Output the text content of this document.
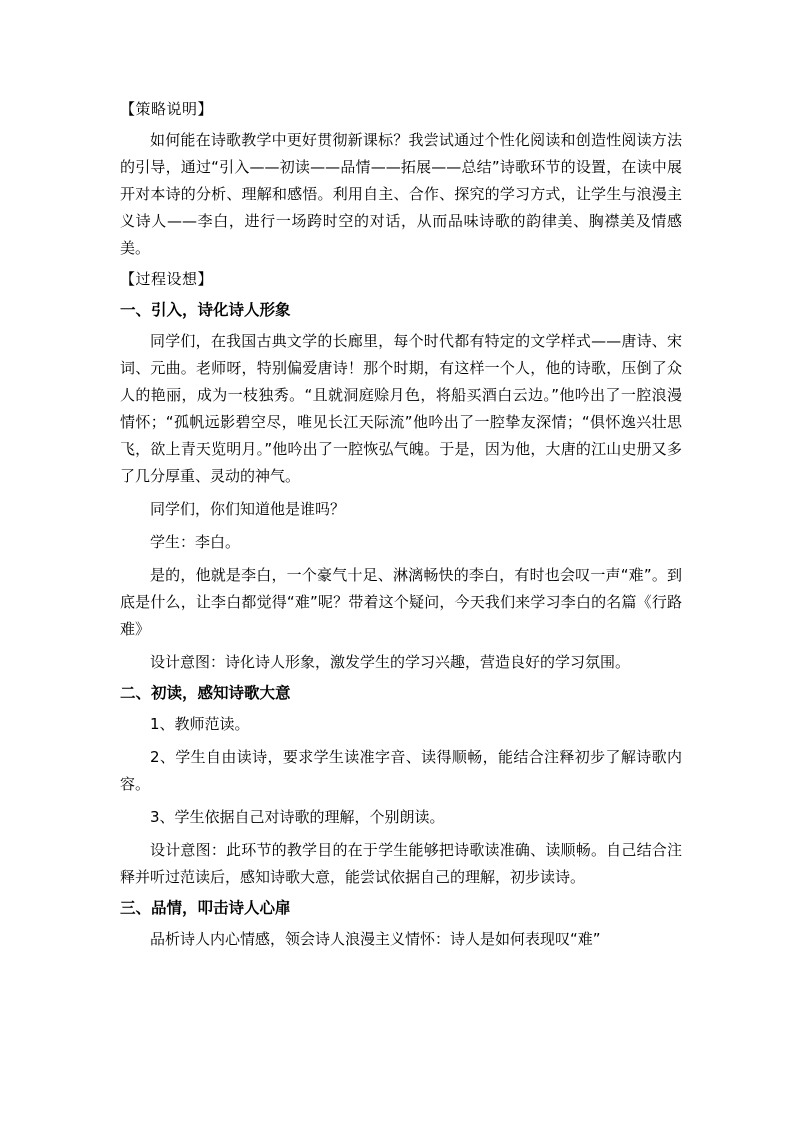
【策略说明】

如何能在诗歌教学中更好贯彻新课标？我尝试通过个性化阅读和创造性阅读方法的引导，通过“引入——初读——品情——拓展——总结”诗歌环节的设置，在读中展开对本诗的分析、理解和感悟。利用自主、合作、探究的学习方式，让学生与浪漫主义诗人——李白，进行一场跨时空的对话，从而品味诗歌的韵律美、胸襟美及情感美。

【过程设想】

一、引入，诗化诗人形象

同学们，在我国古典文学的长廊里，每个时代都有特定的文学样式——唐诗、宋词、元曲。老师呀，特别偏爱唐诗！那个时期，有这样一个人，他的诗歌，压倒了众人的艳丽，成为一枝独秀。“且就洞庭赊月色，将船买酒白云边。”他吟出了一腔浪漫情怀；“孤帆远影碧空尽，唯见长江天际流”他吟出了一腔挚友深情；“俱怀逸兴壮思飞，欲上青天览明月。”他吟出了一腔恢弘气魄。于是，因为他，大唐的江山史册又多了几分厚重、灵动的神气。

同学们，你们知道他是谁吗？

学生：李白。

是的，他就是李白，一个豪气十足、淋漓畅快的李白，有时也会叹一声“难”。到底是什么，让李白都觉得“难”呢？带着这个疑问，今天我们来学习李白的名篇《行路难》

设计意图：诗化诗人形象，激发学生的学习兴趣，营造良好的学习氛围。

二、初读，感知诗歌大意

1、教师范读。

2、学生自由读诗，要求学生读准字音、读得顺畅，能结合注释初步了解诗歌内容。

3、学生依据自己对诗歌的理解，个别朗读。

设计意图：此环节的教学目的在于学生能够把诗歌读准确、读顺畅。自己结合注释并听过范读后，感知诗歌大意，能尝试依据自己的理解，初步读诗。

三、品情，叩击诗人心扉

品析诗人内心情感，领会诗人浪漫主义情怀：诗人是如何表现叹“难”
